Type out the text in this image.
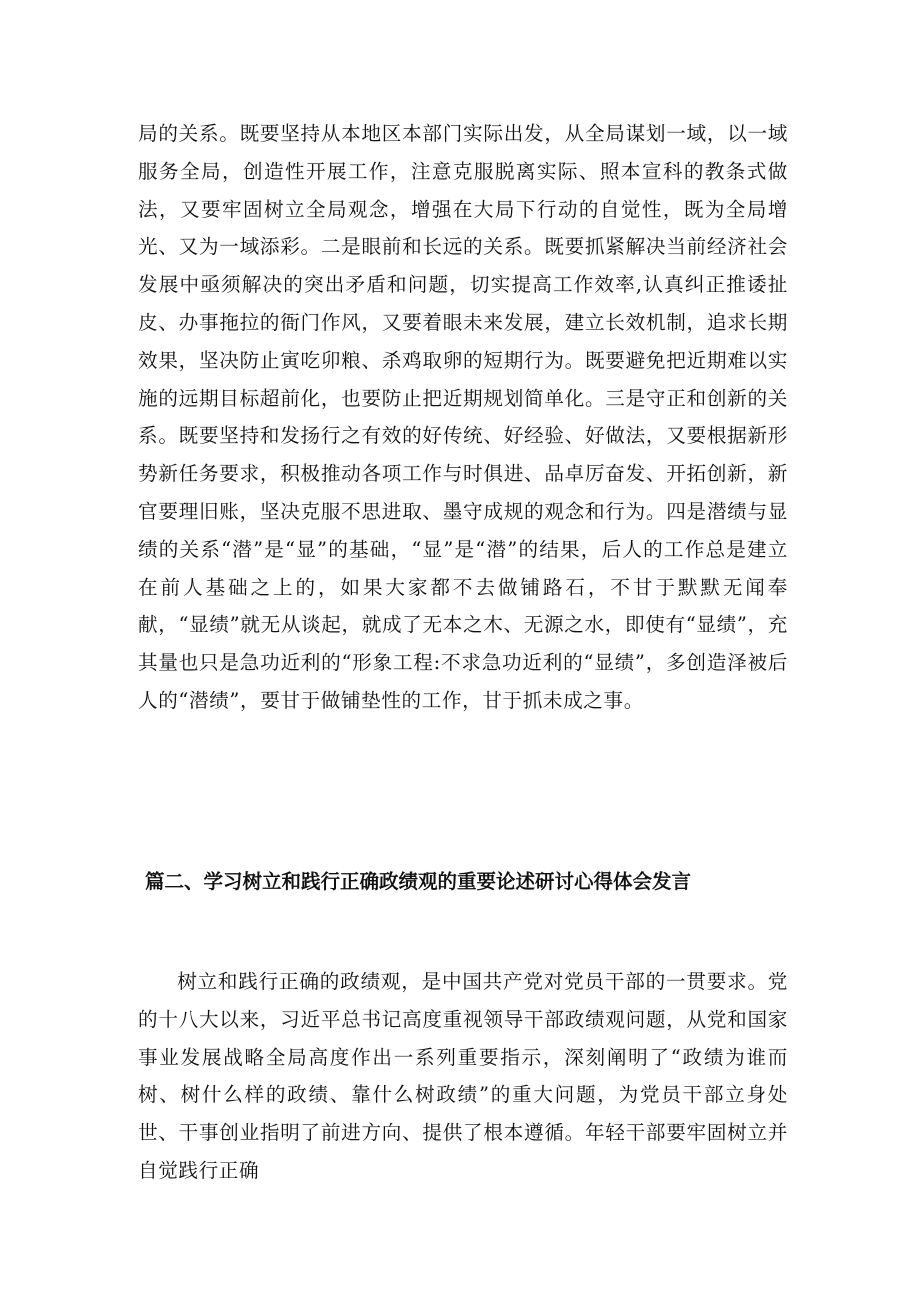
局的关系。既要坚持从本地区本部门实际出发，从全局谋划一域，以一域服务全局，创造性开展工作，注意克服脱离实际、照本宣科的教条式做法，又要牢固树立全局观念，增强在大局下行动的自觉性，既为全局增光、又为一域添彩。二是眼前和长远的关系。既要抓紧解决当前经济社会发展中亟须解决的突出矛盾和问题，切实提高工作效率,认真纠正推诿扯皮、办事拖拉的衙门作风，又要着眼未来发展，建立长效机制，追求长期效果，坚决防止寅吃卯粮、杀鸡取卵的短期行为。既要避免把近期难以实施的远期目标超前化，也要防止把近期规划简单化。三是守正和创新的关系。既要坚持和发扬行之有效的好传统、好经验、好做法，又要根据新形势新任务要求，积极推动各项工作与时俱进、品卓厉奋发、开拓创新，新官要理旧账，坚决克服不思进取、墨守成规的观念和行为。四是潜绩与显绩的关系“潜”是“显”的基础，“显”是“潜”的结果，后人的工作总是建立在前人基础之上的，如果大家都不去做铺路石，不甘于默默无闻奉献，“显绩”就无从谈起，就成了无本之木、无源之水，即使有“显绩”，充其量也只是急功近利的“形象工程:不求急功近利的“显绩”，多创造泽被后人的“潜绩”，要甘于做铺垫性的工作，甘于抓未成之事。

篇二、学习树立和践行正确政绩观的重要论述研讨心得体会发言

树立和践行正确的政绩观，是中国共产党对党员干部的一贯要求。党的十八大以来，习近平总书记高度重视领导干部政绩观问题，从党和国家事业发展战略全局高度作出一系列重要指示，深刻阐明了“政绩为谁而树、树什么样的政绩、靠什么树政绩”的重大问题，为党员干部立身处世、干事创业指明了前进方向、提供了根本遵循。年轻干部要牢固树立并自觉践行正确
